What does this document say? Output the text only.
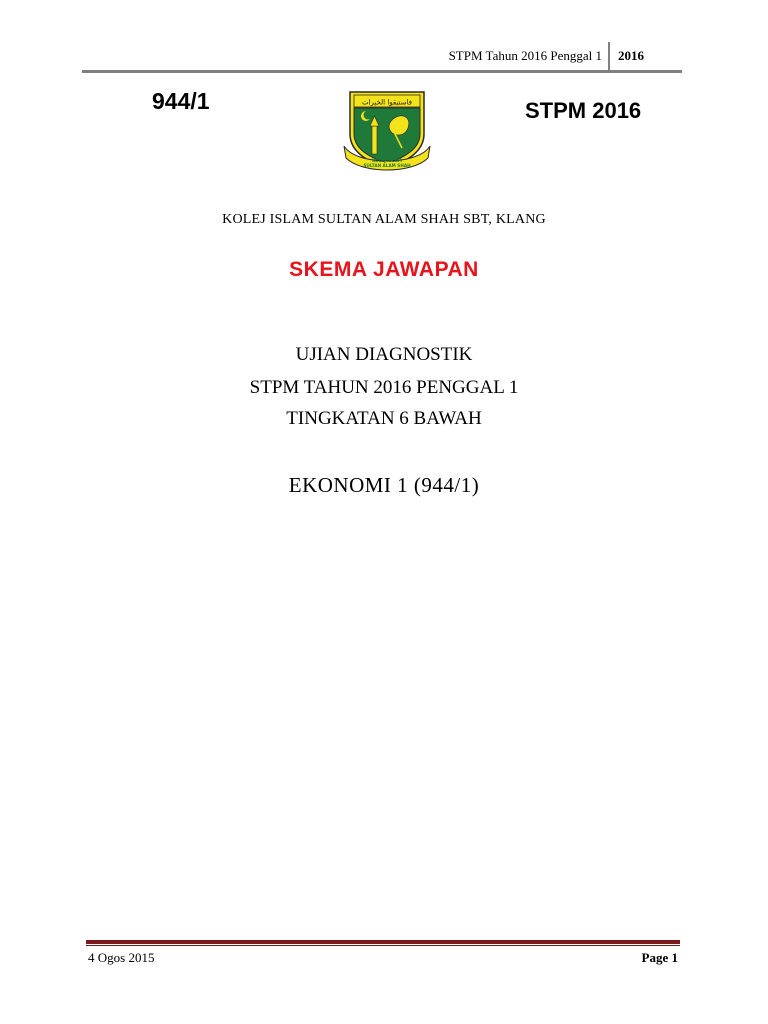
STPM Tahun 2016 Penggal 1 2016
944/1	STPM 2016
فاستبقوا الخيرات
KOLEJ ISLAM
SULTAN ALAM SHAH
KOLEJ ISLAM SULTAN ALAM SHAH SBT, KLANG
SKEMA JAWAPAN
UJIAN DIAGNOSTIK
STPM TAHUN 2016 PENGGAL 1
TINGKATAN 6 BAWAH
EKONOMI 1 (944/1)
4 Ogos 2015	Page 1
